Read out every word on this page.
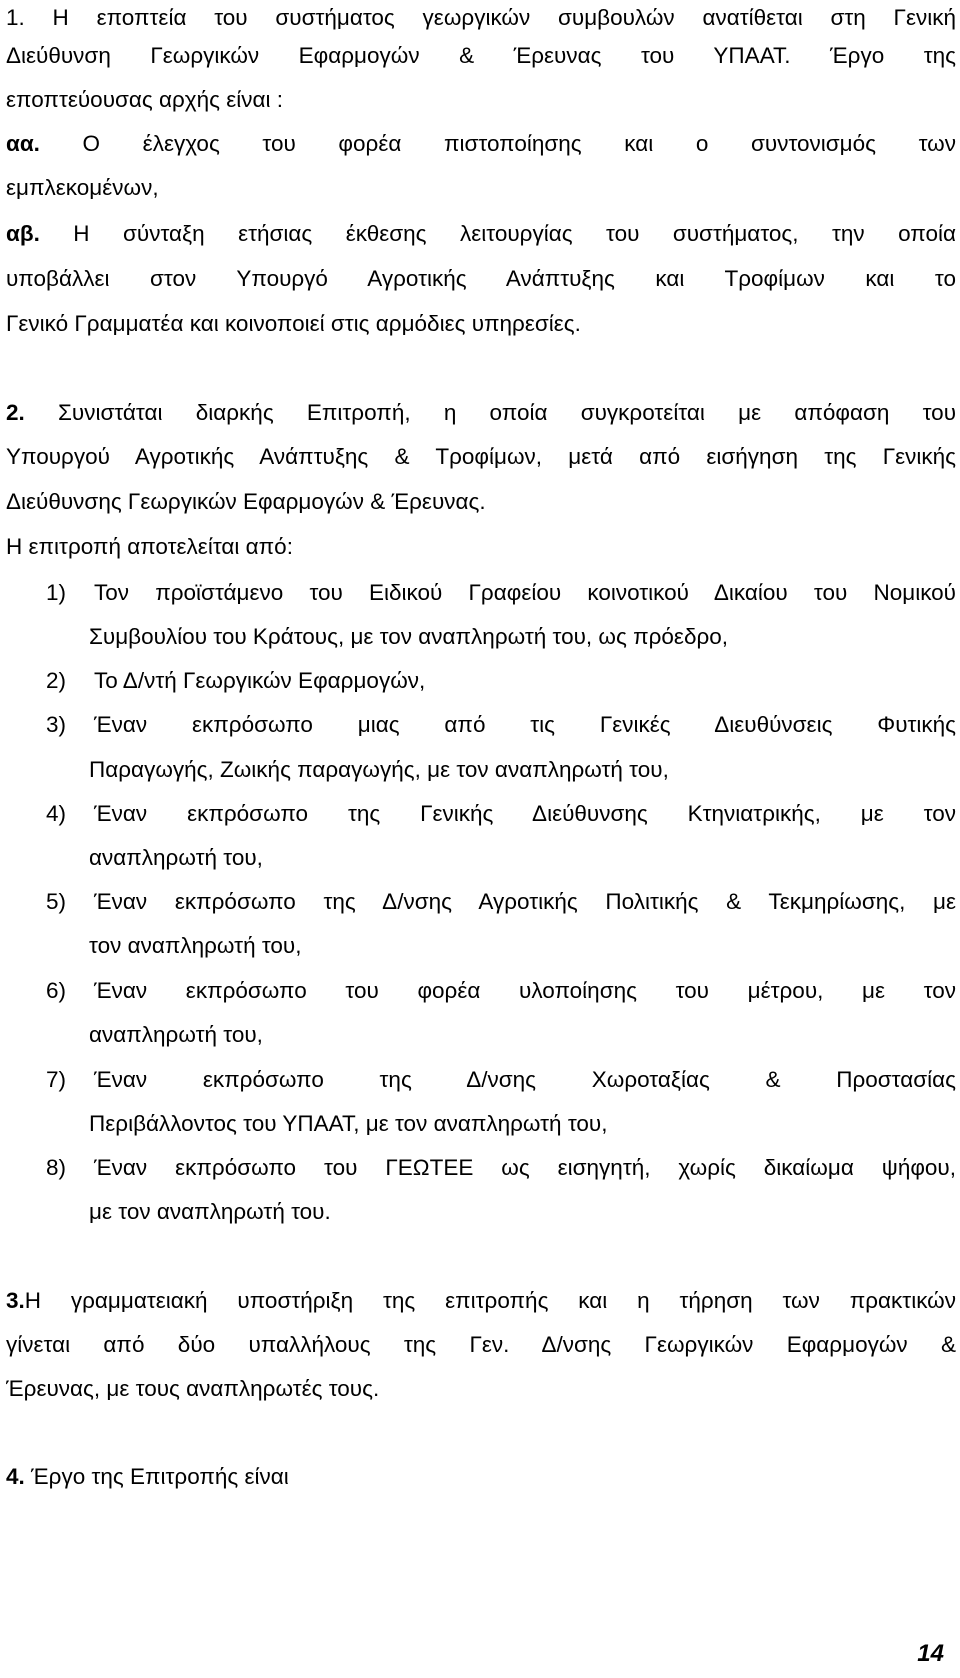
1. Η εποπτεία του συστήματος γεωργικών συμβουλών ανατίθεται στη Γενική
Διεύθυνση Γεωργικών Εφαρμογών & Έρευνας του ΥΠΑΑΤ. Έργο της
εποπτεύουσας αρχής είναι :
αα. Ο έλεγχος του φορέα πιστοποίησης και ο συντονισμός των
εμπλεκομένων,
αβ. Η σύνταξη ετήσιας έκθεσης λειτουργίας του συστήματος, την οποία
υποβάλλει στον Υπουργό Αγροτικής Ανάπτυξης και Τροφίμων και το
Γενικό Γραμματέα και κοινοποιεί στις αρμόδιες υπηρεσίες.
2. Συνιστάται διαρκής Επιτροπή, η οποία συγκροτείται με απόφαση του
Υπουργού Αγροτικής Ανάπτυξης & Τροφίμων, μετά από εισήγηση της Γενικής
Διεύθυνσης Γεωργικών Εφαρμογών & Έρευνας.
Η επιτροπή αποτελείται από:
1)	Τον προϊστάμενο του Ειδικού Γραφείου κοινοτικού Δικαίου του Νομικού
Συμβουλίου του Κράτους, με τον αναπληρωτή του, ως πρόεδρο,
2)	Το Δ/ντή Γεωργικών Εφαρμογών,
3)	Έναν εκπρόσωπο μιας από τις Γενικές Διευθύνσεις Φυτικής
Παραγωγής, Ζωικής παραγωγής, με τον αναπληρωτή του,
4)	Έναν εκπρόσωπο της Γενικής Διεύθυνσης Κτηνιατρικής, με τον
αναπληρωτή του,
5)	Έναν εκπρόσωπο της Δ/νσης Αγροτικής Πολιτικής & Τεκμηρίωσης, με
τον αναπληρωτή του,
6)	Έναν εκπρόσωπο του φορέα υλοποίησης του μέτρου, με τον
αναπληρωτή του,
7)	Έναν εκπρόσωπο της Δ/νσης Χωροταξίας & Προστασίας
Περιβάλλοντος του ΥΠΑΑΤ, με τον αναπληρωτή του,
8)	Έναν εκπρόσωπο του ΓΕΩΤΕΕ ως εισηγητή, χωρίς δικαίωμα ψήφου,
με τον αναπληρωτή του.
3.Η γραμματειακή υποστήριξη της επιτροπής και η τήρηση των πρακτικών
γίνεται από δύο υπαλλήλους της Γεν. Δ/νσης Γεωργικών Εφαρμογών &
Έρευνας, με τους αναπληρωτές τους.
4. Έργο της Επιτροπής είναι
14
